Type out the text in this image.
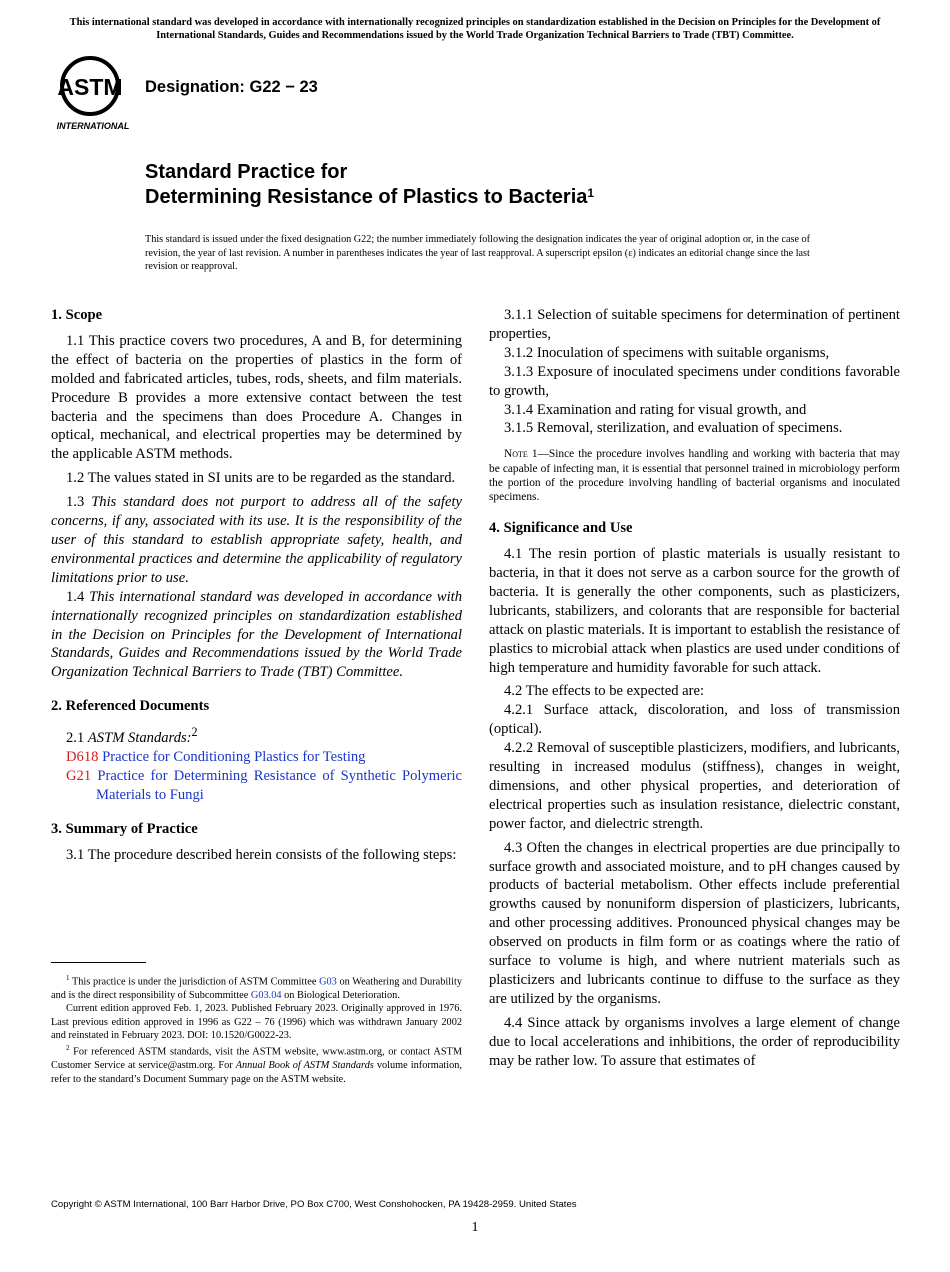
This international standard was developed in accordance with internationally recognized principles on standardization established in the Decision on Principles for the Development of International Standards, Guides and Recommendations issued by the World Trade Organization Technical Barriers to Trade (TBT) Committee.
ASTM
INTERNATIONAL
Designation: G22 − 23
Standard Practice for
Determining Resistance of Plastics to Bacteria$^1$
This standard is issued under the fixed designation G22; the number immediately following the designation indicates the year of original adoption or, in the case of revision, the year of last revision. A number in parentheses indicates the year of last reapproval. A superscript epsilon (ε) indicates an editorial change since the last revision or reapproval.

1. Scope

1.1 This practice covers two procedures, A and B, for determining the effect of bacteria on the properties of plastics in the form of molded and fabricated articles, tubes, rods, sheets, and film materials. Procedure B provides a more extensive contact between the test bacteria and the specimens than does Procedure A. Changes in optical, mechanical, and electrical properties may be determined by the applicable ASTM methods.

1.2 The values stated in SI units are to be regarded as the standard.

1.3 This standard does not purport to address all of the safety concerns, if any, associated with its use. It is the responsibility of the user of this standard to establish appropriate safety, health, and environmental practices and determine the applicability of regulatory limitations prior to use.

1.4 This international standard was developed in accordance with internationally recognized principles on standardization established in the Decision on Principles for the Development of International Standards, Guides and Recommendations issued by the World Trade Organization Technical Barriers to Trade (TBT) Committee.

2. Referenced Documents

2.1 ASTM Standards:$^2$

D618 Practice for Conditioning Plastics for Testing

G21 Practice for Determining Resistance of Synthetic Polymeric Materials to Fungi

3. Summary of Practice

3.1 The procedure described herein consists of the following steps:

$^1$ This practice is under the jurisdiction of ASTM Committee G03 on Weathering and Durability and is the direct responsibility of Subcommittee G03.04 on Biological Deterioration.

Current edition approved Feb. 1, 2023. Published February 2023. Originally approved in 1976. Last previous edition approved in 1996 as G22 – 76 (1996) which was withdrawn January 2002 and reinstated in February 2023. DOI: 10.1520/G0022-23.

$^2$ For referenced ASTM standards, visit the ASTM website, www.astm.org, or contact ASTM Customer Service at service@astm.org. For Annual Book of ASTM Standards volume information, refer to the standard’s Document Summary page on the ASTM website.

3.1.1 Selection of suitable specimens for determination of pertinent properties,

3.1.2 Inoculation of specimens with suitable organisms,

3.1.3 Exposure of inoculated specimens under conditions favorable to growth,

3.1.4 Examination and rating for visual growth, and

3.1.5 Removal, sterilization, and evaluation of specimens.

Note 1—Since the procedure involves handling and working with bacteria that may be capable of infecting man, it is essential that personnel trained in microbiology perform the portion of the procedure involving handling of bacterial organisms and inoculated specimens.

4. Significance and Use

4.1 The resin portion of plastic materials is usually resistant to bacteria, in that it does not serve as a carbon source for the growth of bacteria. It is generally the other components, such as plasticizers, lubricants, stabilizers, and colorants that are responsible for bacterial attack on plastic materials. It is important to establish the resistance of plastics to microbial attack when plastics are used under conditions of high temperature and humidity favorable for such attack.

4.2 The effects to be expected are:

4.2.1 Surface attack, discoloration, and loss of transmission (optical).

4.2.2 Removal of susceptible plasticizers, modifiers, and lubricants, resulting in increased modulus (stiffness), changes in weight, dimensions, and other physical properties, and deterioration of electrical properties such as insulation resistance, dielectric constant, power factor, and dielectric strength.

4.3 Often the changes in electrical properties are due principally to surface growth and associated moisture, and to pH changes caused by products of bacterial metabolism. Other effects include preferential growths caused by nonuniform dispersion of plasticizers, lubricants, and other processing additives. Pronounced physical changes may be observed on products in film form or as coatings where the ratio of surface to volume is high, and where nutrient materials such as plasticizers and lubricants continue to diffuse to the surface as they are utilized by the organisms.

4.4 Since attack by organisms involves a large element of change due to local accelerations and inhibitions, the order of reproducibility may be rather low. To assure that estimates of

Copyright © ASTM International, 100 Barr Harbor Drive, PO Box C700, West Conshohocken, PA 19428-2959. United States
1
